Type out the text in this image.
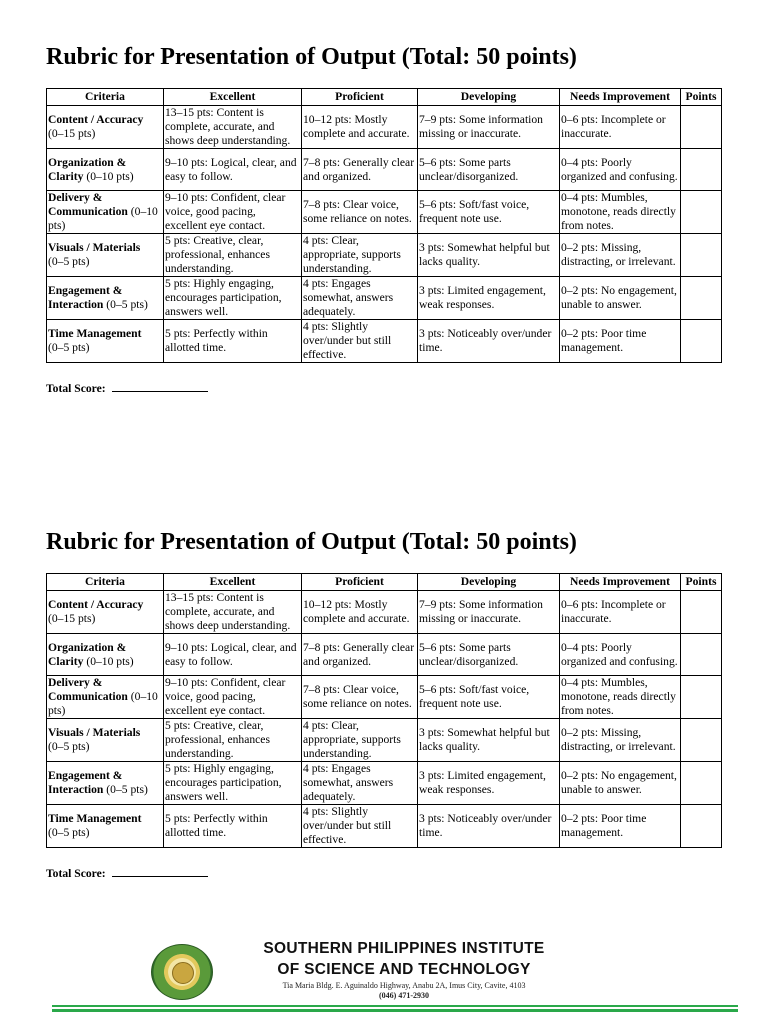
Rubric for Presentation of Output (Total: 50 points)
Criteria	Excellent	Proficient	Developing	Needs Improvement	Points
Content / Accuracy
(0–15 pts)	13–15 pts: Content is complete, accurate, and shows deep understanding.	10–12 pts: Mostly complete and accurate.	7–9 pts: Some information missing or inaccurate.	0–6 pts: Incomplete or inaccurate.	
Organization & Clarity (0–10 pts)	9–10 pts: Logical, clear, and easy to follow.	7–8 pts: Generally clear and organized.	5–6 pts: Some parts unclear/disorganized.	0–4 pts: Poorly organized and confusing.	
Delivery & Communication (0–10 pts)	9–10 pts: Confident, clear voice, good pacing, excellent eye contact.	7–8 pts: Clear voice, some reliance on notes.	5–6 pts: Soft/fast voice, frequent note use.	0–4 pts: Mumbles, monotone, reads directly from notes.	
Visuals / Materials
(0–5 pts)	5 pts: Creative, clear, professional, enhances understanding.	4 pts: Clear, appropriate, supports understanding.	3 pts: Somewhat helpful but lacks quality.	0–2 pts: Missing, distracting, or irrelevant.	
Engagement & Interaction (0–5 pts)	5 pts: Highly engaging, encourages participation, answers well.	4 pts: Engages somewhat, answers adequately.	3 pts: Limited engagement, weak responses.	0–2 pts: No engagement, unable to answer.	
Time Management
(0–5 pts)	5 pts: Perfectly within allotted time.	4 pts: Slightly over/under but still effective.	3 pts: Noticeably over/under time.	0–2 pts: Poor time management.	
Total Score:
Rubric for Presentation of Output (Total: 50 points)
Criteria	Excellent	Proficient	Developing	Needs Improvement	Points
Content / Accuracy
(0–15 pts)	13–15 pts: Content is complete, accurate, and shows deep understanding.	10–12 pts: Mostly complete and accurate.	7–9 pts: Some information missing or inaccurate.	0–6 pts: Incomplete or inaccurate.	
Organization & Clarity (0–10 pts)	9–10 pts: Logical, clear, and easy to follow.	7–8 pts: Generally clear and organized.	5–6 pts: Some parts unclear/disorganized.	0–4 pts: Poorly organized and confusing.	
Delivery & Communication (0–10 pts)	9–10 pts: Confident, clear voice, good pacing, excellent eye contact.	7–8 pts: Clear voice, some reliance on notes.	5–6 pts: Soft/fast voice, frequent note use.	0–4 pts: Mumbles, monotone, reads directly from notes.	
Visuals / Materials
(0–5 pts)	5 pts: Creative, clear, professional, enhances understanding.	4 pts: Clear, appropriate, supports understanding.	3 pts: Somewhat helpful but lacks quality.	0–2 pts: Missing, distracting, or irrelevant.	
Engagement & Interaction (0–5 pts)	5 pts: Highly engaging, encourages participation, answers well.	4 pts: Engages somewhat, answers adequately.	3 pts: Limited engagement, weak responses.	0–2 pts: No engagement, unable to answer.	
Time Management
(0–5 pts)	5 pts: Perfectly within allotted time.	4 pts: Slightly over/under but still effective.	3 pts: Noticeably over/under time.	0–2 pts: Poor time management.	
Total Score:
SOUTHERN PHILIPPINES INSTITUTE
OF SCIENCE AND TECHNOLOGY
Tia Maria Bldg. E. Aguinaldo Highway, Anabu 2A, Imus City, Cavite, 4103
(046) 471-2930
